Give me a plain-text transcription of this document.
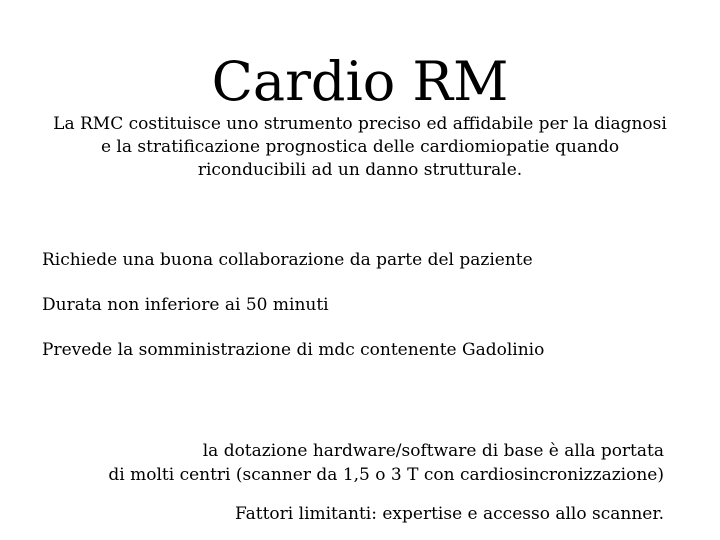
Cardio RM

La RMC costituisce uno strumento preciso ed affidabile per la diagnosi
e la stratificazione prognostica delle cardiomiopatie quando
riconducibili ad un danno strutturale.

Richiede una buona collaborazione da parte del paziente
Durata non inferiore ai 50 minuti
Prevede la somministrazione di mdc contenente Gadolinio

la dotazione hardware/software di base è alla portata
di molti centri (scanner da 1,5 o 3 T con cardiosincronizzazione)

Fattori limitanti: expertise e accesso allo scanner.
